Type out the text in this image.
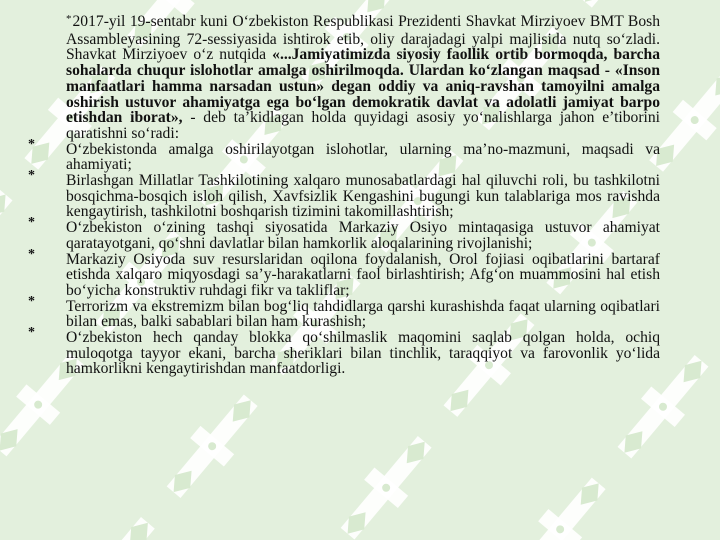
*2017-yil 19-sentabr kuni O‘zbekiston Respublikasi Prezidenti Shavkat Mirziyoev BMT Bosh Assambleyasining 72-sessiyasida ishtirok etib, oliy darajadagi yalpi majlisida nutq so‘zladi. Shavkat Mirziyoev o‘z nutqida «...Jamiyatimizda siyosiy faollik ortib bormoqda, barcha sohalarda chuqur islohotlar amalga oshirilmoqda. Ulardan ko‘zlangan maqsad - «Inson manfaatlari hamma narsadan ustun» degan oddiy va aniq-ravshan tamoyilni amalga oshirish ustuvor ahamiyatga ega bo‘lgan demokratik davlat va adolatli jamiyat barpo etishdan iborat», - deb ta’kidlagan holda quyidagi asosiy yo‘nalishlarga jahon e’tiborini qaratishni so‘radi:

* O‘zbekistonda amalga oshirilayotgan islohotlar, ularning ma’no-mazmuni, maqsadi va ahamiyati;
* Birlashgan Millatlar Tashkilotining xalqaro munosabatlardagi hal qiluvchi roli, bu tashkilotni bosqichma-bosqich isloh qilish, Xavfsizlik Kengashini bugungi kun talablariga mos ravishda kengaytirish, tashkilotni boshqarish tizimini takomillashtirish;
* O‘zbekiston o‘zining tashqi siyosatida Markaziy Osiyo mintaqasiga ustuvor ahamiyat qaratayotgani, qo‘shni davlatlar bilan hamkorlik aloqalarining rivojlanishi;
* Markaziy Osiyoda suv resurslaridan oqilona foydalanish, Orol fojiasi oqibatlarini bartaraf etishda xalqaro miqyosdagi sa’y-harakatlarni faol birlashtirish; Afg‘on muammosini hal etish bo‘yicha konstruktiv ruhdagi fikr va takliflar;
* Terrorizm va ekstremizm bilan bog‘liq tahdidlarga qarshi kurashishda faqat ularning oqibatlari bilan emas, balki sabablari bilan ham kurashish;
* O‘zbekiston hech qanday blokka qo‘shilmaslik maqomini saqlab qolgan holda, ochiq muloqotga tayyor ekani, barcha sheriklari bilan tinchlik, taraqqiyot va farovonlik yo‘lida hamkorlikni kengaytirishdan manfaatdorligi.
